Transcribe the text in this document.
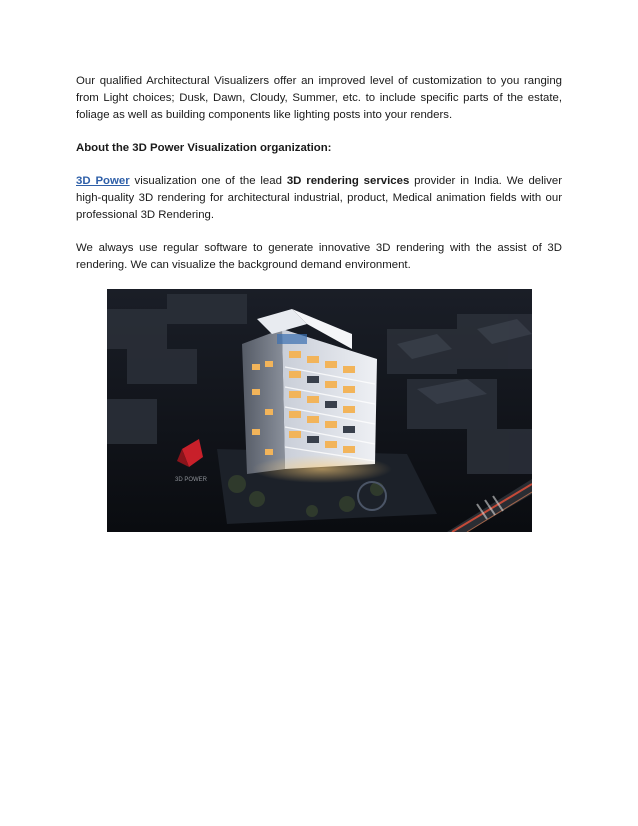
Our qualified Architectural Visualizers offer an improved level of customization to you ranging from Light choices; Dusk, Dawn, Cloudy, Summer, etc. to include specific parts of the estate, foliage as well as building components like lighting posts into your renders.

About the 3D Power Visualization organization:

3D Power visualization one of the lead 3D rendering services provider in India. We deliver high-quality 3D rendering for architectural industrial, product, Medical animation fields with our professional 3D Rendering.

We always use regular software to generate innovative 3D rendering with the assist of 3D rendering. We can visualize the background demand environment.

3D POWER
